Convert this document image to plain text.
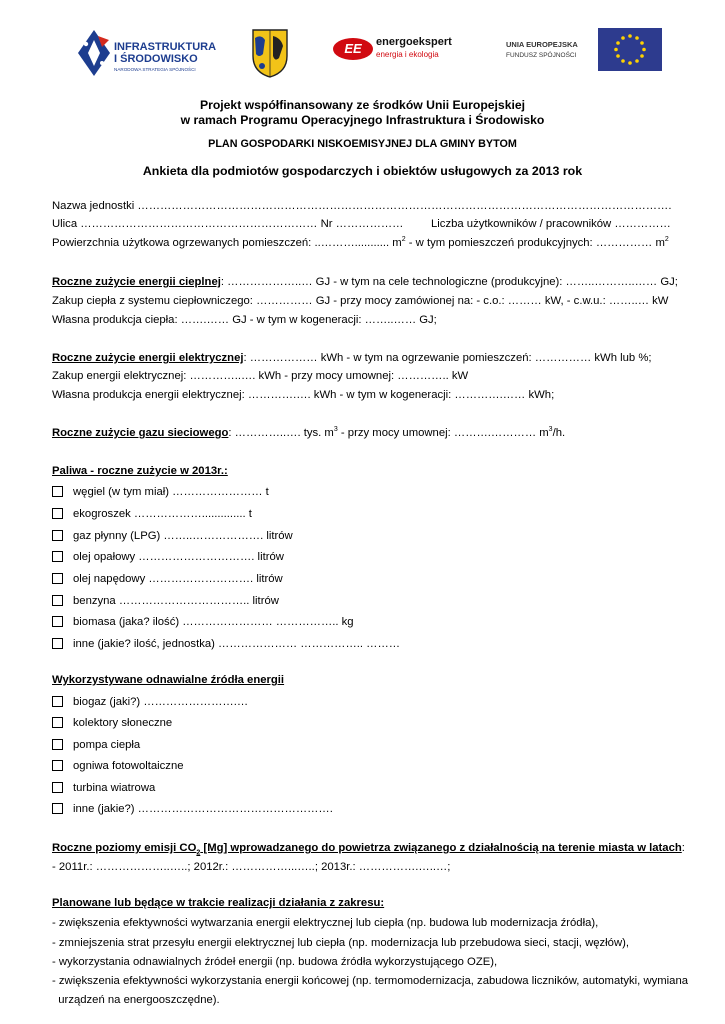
INFRASTRUKTURA
I ŚRODOWISKO
NARODOWA STRATEGIA SPÓJNOŚCI
EE	energoekspert
energia i ekologia
UNIA EUROPEJSKA
FUNDUSZ SPÓJNOŚCI
Projekt współfinansowany ze środków Unii Europejskiej
w ramach Programu Operacyjnego Infrastruktura i Środowisko
PLAN GOSPODARKI NISKOEMISYJNEJ DLA GMINY BYTOM
Ankieta dla podmiotów gospodarczych i obiektów usługowych za 2013 rok
Nazwa jednostki …………………………………………………………………………………………………………………………….
Ulica ……………………………………………………… Nr ……………… Liczba użytkowników / pracowników ……………
Powierzchnia użytkowa ogrzewanych pomieszczeń: ..………........... $m^2$ - w tym pomieszczeń produkcyjnych: …………… $m^2$
Roczne zużycie energii cieplnej: ………………..… GJ - w tym na cele technologiczne (produkcyjne): ……..………..…… GJ;
Zakup ciepła z systemu ciepłowniczego: …………… GJ - przy mocy zamówionej na: - c.o.: ……… kW, - c.w.u.: ……..… kW
Własna produkcja ciepła: …….…… GJ - w tym w kogeneracji: ……..…… GJ;
Roczne zużycie energii elektrycznej: ……………… kWh - w tym na ogrzewanie pomieszczeń: …………… kWh lub %;
Zakup energii elektrycznej: …………..…. kWh - przy mocy umownej: ………….. kW
Własna produkcja energii elektrycznej: ………….…. kWh - w tym w kogeneracji: ………….…… kWh;
Roczne zużycie gazu sieciowego: …………..…. tys. $m^3$ - przy mocy umownej: ……….………… $m^3/h$.
Paliwa - roczne zużycie w 2013r.:
węgiel (w tym miał) …………………… t
ekogroszek ……………….............. t
gaz płynny (LPG) ……..………………. litrów
olej opałowy …………………………. litrów
olej napędowy ………………………. litrów
benzyna …………………………….. litrów
biomasa (jaka? ilość) …………………… …………….. kg
inne (jakie? ilość, jednostka) ………………… …………….. ………
Wykorzystywane odnawialne źródła energii
biogaz (jaki?) …………………….…
kolektory słoneczne
pompa ciepła
ogniwa fotowoltaiczne
turbina wiatrowa
inne (jakie?) …………………………………………….
Roczne poziomy emisji $CO_2$ [Mg] wprowadzanego do powietrza związanego z działalnością na terenie miasta w latach:
- 2011r.: ………………..…..; 2012r.: ……………...…..; 2013r.: …………….…..…;
Planowane lub będące w trakcie realizacji działania z zakresu:
- zwiększenia efektywności wytwarzania energii elektrycznej lub ciepła (np. budowa lub modernizacja źródła),
- zmniejszenia strat przesyłu energii elektrycznej lub ciepła (np. modernizacja lub przebudowa sieci, stacji, węzłów),
- wykorzystania odnawialnych źródeł energii (np. budowa źródła wykorzystującego OZE),
- zwiększenia efektywności wykorzystania energii końcowej (np. termomodernizacja, zabudowa liczników, automatyki, wymiana
urządzeń na energooszczędne).
